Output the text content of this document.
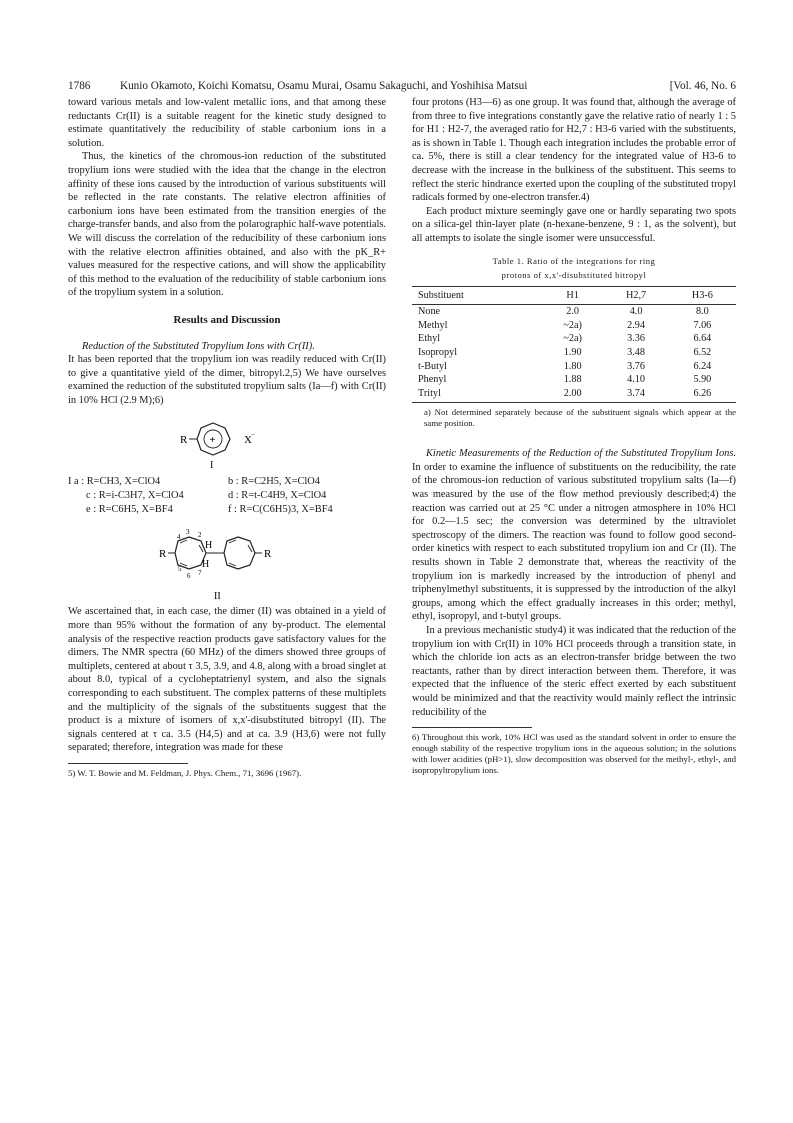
1786	Kunio Okamoto, Koichi Komatsu, Osamu Murai, Osamu Sakaguchi, and Yoshihisa Matsui	[Vol. 46, No. 6

toward various metals and low-valent metallic ions, and that among these reductants Cr(II) is a suitable reagent for the kinetic study designed to estimate quantitatively the reducibility of stable carbonium ions in a solution.

Thus, the kinetics of the chromous-ion reduction of the substituted tropylium ions were studied with the idea that the change in the electron affinity of these ions caused by the introduction of various substituents will be reflected in the rate constants. The relative electron affinities of carbonium ions have been estimated from the transition energies of the charge-transfer bands, and also from the polarographic half-wave potentials. We will discuss the correlation of the reducibility of these carbonium ions with the relative electron affinities obtained, and also with the pK_R+ values measured for the respective cations, and will show the applicability of this method to the evaluation of the reducibility of stable carbonium ions of the tropylium system in a solution.

Results and Discussion

Reduction of the Substituted Tropylium Ions with Cr(II).

It has been reported that the tropylium ion was readily reduced with Cr(II) to give a quantitative yield of the dimer, bitropyl.2,5) We have ourselves examined the reduction of the substituted tropylium salts (Ia—f) with Cr(II) in 10% HCl (2.9 M);6)

R +	X −
I
I a : R=CH3, X=ClO4	b : R=C2H5, X=ClO4
c : R=i-C3H7, X=ClO4	d : R=t-C4H9, X=ClO4
e : R=C6H5, X=BF4	f : R=C(C6H5)3, X=BF4
R
H
H
R
4
3 2
5
6 7
II

We ascertained that, in each case, the dimer (II) was obtained in a yield of more than 95% without the formation of any by-product. The elemental analysis of the respective reaction products gave satisfactory values for the dimers. The NMR spectra (60 MHz) of the dimers showed three groups of multiplets, centered at about τ 3.5, 3.9, and 4.8, along with a broad singlet at about 8.0, typical of a cycloheptatrienyl system, and also the signals corresponding to each substituent. The complex patterns of these multiplets and the multiplicity of the signals of the substituents suggest that the product is a mixture of isomers of x,x'-disubstituted bitropyl (II). The signals centered at τ ca. 3.5 (H4,5) and at ca. 3.9 (H3,6) were not fully separated; therefore, integration was made for these

5) W. T. Bowie and M. Feldman, J. Phys. Chem., 71, 3696 (1967).

four protons (H3—6) as one group. It was found that, although the average of from three to five integrations constantly gave the relative ratio of nearly 1 : 5 for H1 : H2-7, the averaged ratio for H2,7 : H3-6 varied with the substituents, as is shown in Table 1. Though each integration includes the probable error of ca. 5%, there is still a clear tendency for the integrated value of H3-6 to decrease with the increase in the bulkiness of the substituent. This seems to reflect the steric hindrance exerted upon the coupling of the substituted tropyl radicals formed by one-electron transfer.4)

Each product mixture seemingly gave one or hardly separating two spots on a silica-gel thin-layer plate (n-hexane-benzene, 9 : 1, as the solvent), but all attempts to isolate the single isomer were unsuccessful.

Table 1. Ratio of the integrations for ring
protons of x,x'-disubstituted bitropyl
Substituent	H1	H2,7	H3-6
None	2.0	4.0	8.0
Methyl	~2a)	2.94	7.06
Ethyl	~2a)	3.36	6.64
Isopropyl	1.90	3.48	6.52
t-Butyl	1.80	3.76	6.24
Phenyl	1.88	4.10	5.90
Trityl	2.00	3.74	6.26

a) Not determined separately because of the substituent signals which appear at the same position.

Kinetic Measurements of the Reduction of the Substituted Tropylium Ions. In order to examine the influence of substituents on the reducibility, the rate of the chromous-ion reduction of various substituted tropylium salts (Ia—f) was measured by the use of the flow method previously described;4) the reaction was carried out at 25 °C under a nitrogen atmosphere in 10% HCl for 0.2—1.5 sec; the conversion was determined by the ultraviolet spectroscopy of the dimers. The reaction was found to follow good second-order kinetics with respect to each substituted tropylium ion and Cr (II). The results shown in Table 2 demonstrate that, whereas the reactivity of the tropylium ion is markedly increased by the introduction of phenyl and triphenylmethyl substituents, it is suppressed by the introduction of the alkyl groups, among which the effect gradually increases in this order; methyl, ethyl, isopropyl, and t-butyl groups.

In a previous mechanistic study4) it was indicated that the reduction of the tropylium ion with Cr(II) in 10% HCl proceeds through a transition state, in which the chloride ion acts as an electron-transfer bridge between the two reactants, rather than by direct interaction between them. Therefore, it was expected that the influence of the steric effect exerted by each substituent would be minimized and that the reactivity would mainly reflect the intrinsic reducibility of the

6) Throughout this work, 10% HCl was used as the standard solvent in order to ensure the enough stability of the respective tropylium ions in the aqueous solution; in the solutions with lower acidities (pH>1), slow decomposition was observed for the methyl-, ethyl-, and isopropyltropylium ions.
